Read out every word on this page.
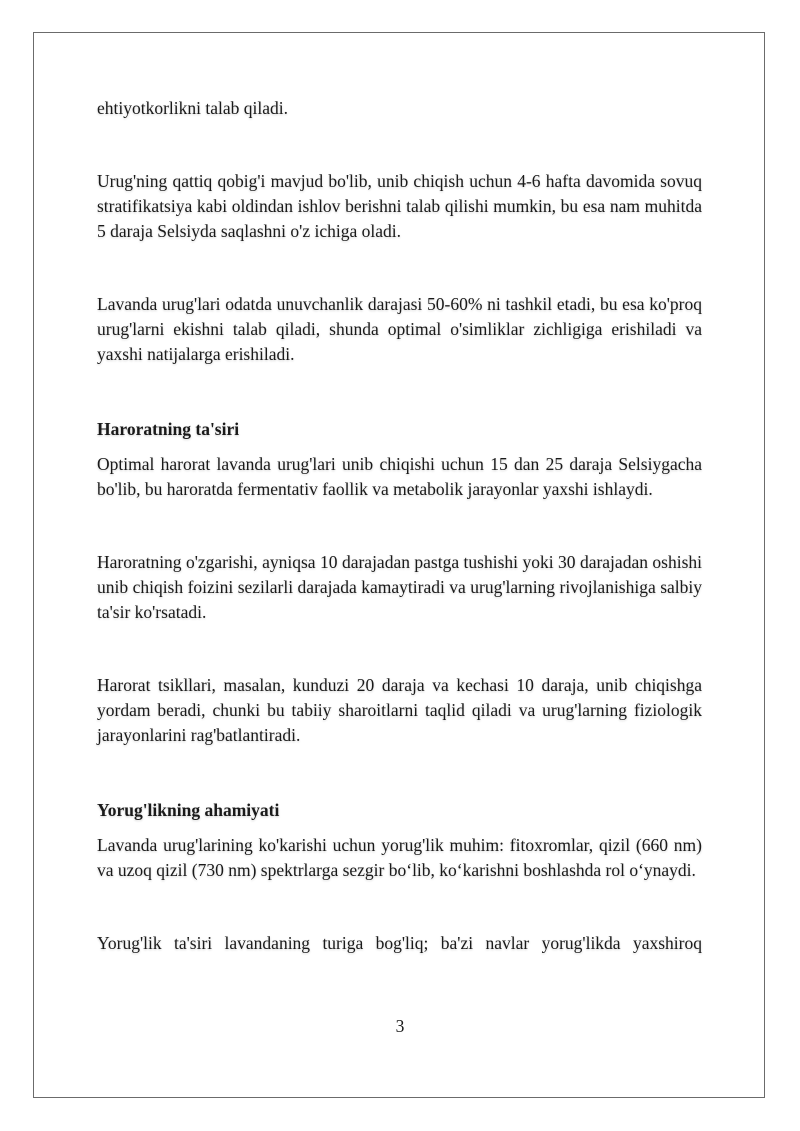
ehtiyotkorlikni talab qiladi.

Urug'ning qattiq qobig'i mavjud bo'lib, unib chiqish uchun 4-6 hafta davomida sovuq stratifikatsiya kabi oldindan ishlov berishni talab qilishi mumkin, bu esa nam muhitda 5 daraja Selsiyda saqlashni o'z ichiga oladi.

Lavanda urug'lari odatda unuvchanlik darajasi 50-60% ni tashkil etadi, bu esa ko'proq urug'larni ekishni talab qiladi, shunda optimal o'simliklar zichligiga erishiladi va yaxshi natijalarga erishiladi.

Haroratning ta'siri

Optimal harorat lavanda urug'lari unib chiqishi uchun 15 dan 25 daraja Selsiygacha bo'lib, bu haroratda fermentativ faollik va metabolik jarayonlar yaxshi ishlaydi.

Haroratning o'zgarishi, ayniqsa 10 darajadan pastga tushishi yoki 30 darajadan oshishi unib chiqish foizini sezilarli darajada kamaytiradi va urug'larning rivojlanishiga salbiy ta'sir ko'rsatadi.

Harorat tsikllari, masalan, kunduzi 20 daraja va kechasi 10 daraja, unib chiqishga yordam beradi, chunki bu tabiiy sharoitlarni taqlid qiladi va urug'larning fiziologik jarayonlarini rag'batlantiradi.

Yorug'likning ahamiyati

Lavanda urug'larining ko'karishi uchun yorug'lik muhim: fitoxromlar, qizil (660 nm) va uzoq qizil (730 nm) spektrlarga sezgir bo‘lib, ko‘karishni boshlashda rol o‘ynaydi.

Yorug'lik ta'siri lavandaning turiga bog'liq; ba'zi navlar yorug'likda yaxshiroq

3
